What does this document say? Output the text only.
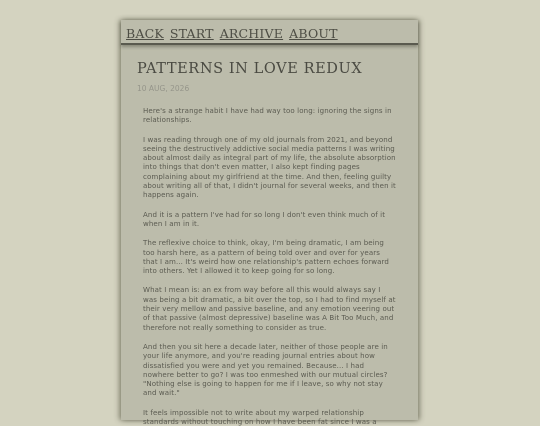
BACK START ARCHIVE ABOUT
PATTERNS IN LOVE REDUX
10 AUG, 2026

Here's a strange habit I have had way too long: ignoring the signs in relationships.

I was reading through one of my old journals from 2021, and beyond seeing the destructively addictive social media patterns I was writing about almost daily as integral part of my life, the absolute absorption into things that don't even matter, I also kept finding pages complaining about my girlfriend at the time. And then, feeling guilty about writing all of that, I didn't journal for several weeks, and then it happens again.

And it is a pattern I've had for so long I don't even think much of it when I am in it.

The reflexive choice to think, okay, I'm being dramatic, I am being too harsh here, as a pattern of being told over and over for years that I am... It's weird how one relationship's pattern echoes forward into others. Yet I allowed it to keep going for so long.

What I mean is: an ex from way before all this would always say I was being a bit dramatic, a bit over the top, so I had to find myself at their very mellow and passive baseline, and any emotion veering out of that passive (almost depressive) baseline was A Bit Too Much, and therefore not really something to consider as true.

And then you sit here a decade later, neither of those people are in your life anymore, and you're reading journal entries about how dissatisfied you were and yet you remained. Because... I had nowhere better to go? I was too enmeshed with our mutual circles? "Nothing else is going to happen for me if I leave, so why not stay and wait."

It feels impossible not to write about my warped relationship standards without touching on how I have been fat since I was a
